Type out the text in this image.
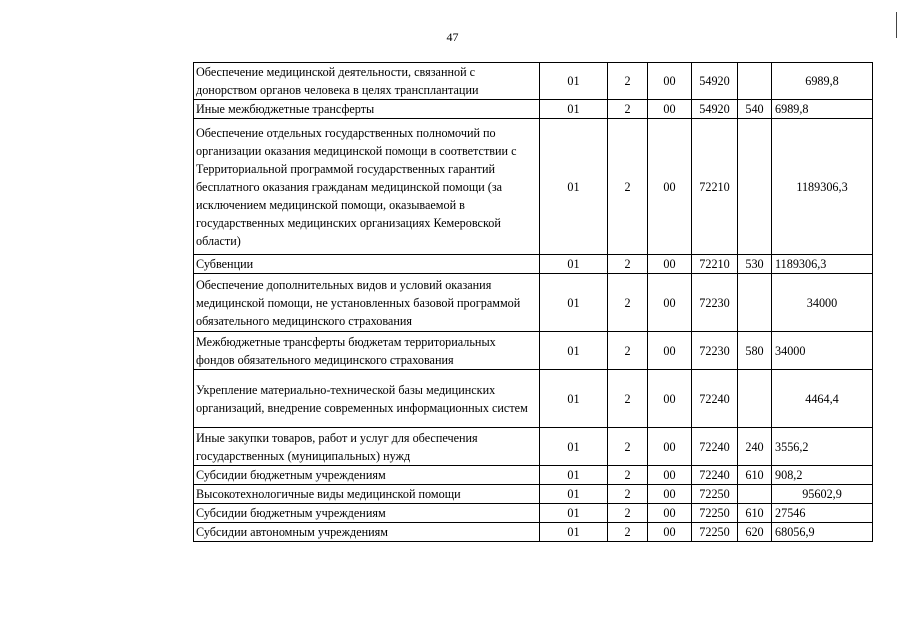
47
Обеспечение медицинской деятельности, связанной с донорством органов человека в целях трансплантации	01	2	00	54920		6989,8
Иные межбюджетные трансферты	01	2	00	54920	540	6989,8
Обеспечение отдельных государственных полномочий по организации оказания медицинской помощи в соответствии с Территориальной программой государственных гарантий бесплатного оказания гражданам медицинской помощи (за исключением медицинской помощи, оказываемой в государственных медицинских организациях Кемеровской области)	01	2	00	72210		1189306,3
Субвенции	01	2	00	72210	530	1189306,3
Обеспечение дополнительных видов и условий оказания медицинской помощи, не установленных базовой программой обязательного медицинского страхования	01	2	00	72230		34000
Межбюджетные трансферты бюджетам территориальных фондов обязательного медицинского страхования	01	2	00	72230	580	34000
Укрепление материально-технической базы медицинских организаций, внедрение современных информационных систем	01	2	00	72240		4464,4
Иные закупки товаров, работ и услуг для обеспечения государственных (муниципальных) нужд	01	2	00	72240	240	3556,2
Субсидии бюджетным учреждениям	01	2	00	72240	610	908,2
Высокотехнологичные виды медицинской помощи	01	2	00	72250		95602,9
Субсидии бюджетным учреждениям	01	2	00	72250	610	27546
Субсидии автономным учреждениям	01	2	00	72250	620	68056,9
